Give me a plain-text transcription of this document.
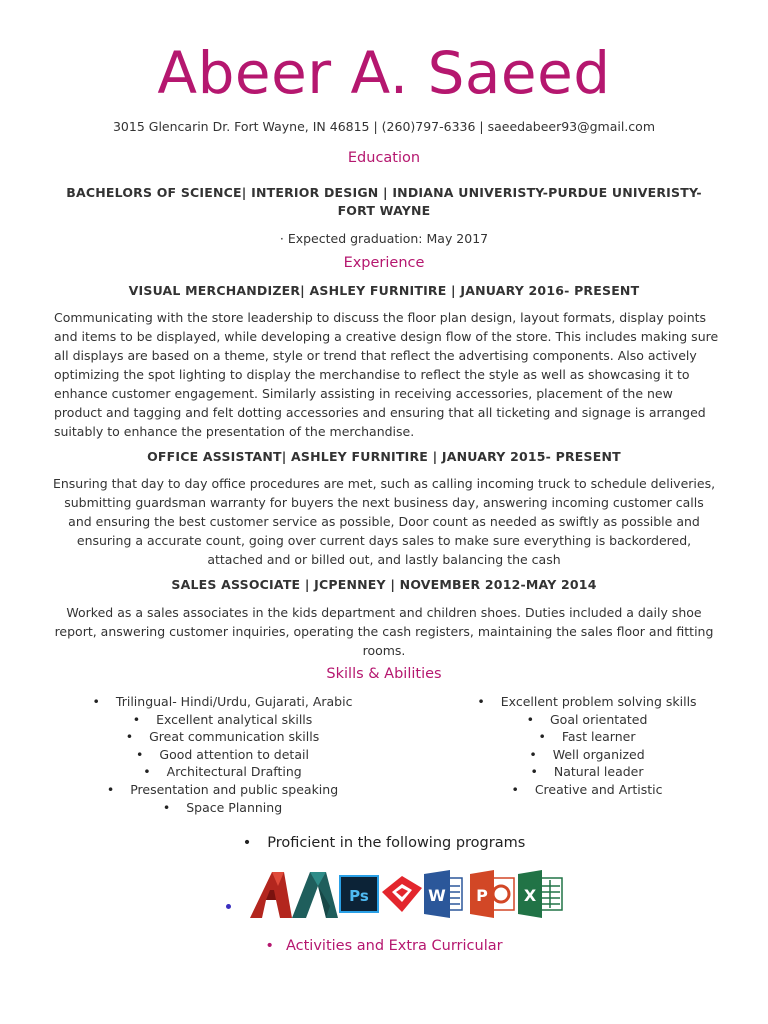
Abeer A. Saeed
3015 Glencarin Dr. Fort Wayne, IN 46815 | (260)797-6336 | saeedabeer93@gmail.com
Education
BACHELORS OF SCIENCE| INTERIOR DESIGN | INDIANA UNIVERISTY-PURDUE UNIVERISTY-
FORT WAYNE
· Expected graduation: May 2017
Experience
VISUAL MERCHANDIZER| ASHLEY FURNITIRE | JANUARY 2016- PRESENT
Communicating with the store leadership to discuss the floor plan design, layout formats, display points and items to be displayed, while developing a creative design flow of the store. This includes making sure all displays are based on a theme, style or trend that reflect the advertising components. Also actively optimizing the spot lighting to display the merchandise to reflect the style as well as showcasing it to enhance customer engagement. Similarly assisting in receiving accessories, placement of the new product and tagging and felt dotting accessories and ensuring that all ticketing and signage is arranged suitably to enhance the presentation of the merchandise.
OFFICE ASSISTANT| ASHLEY FURNITIRE | JANUARY 2015- PRESENT
Ensuring that day to day office procedures are met, such as calling incoming truck to schedule deliveries, submitting guardsman warranty for buyers the next business day, answering incoming customer calls and ensuring the best customer service as possible, Door count as needed as swiftly as possible and ensuring a accurate count, going over current days sales to make sure everything is backordered, attached and or billed out, and lastly balancing the cash
SALES ASSOCIATE | JCPENNEY | NOVEMBER 2012-MAY 2014
Worked as a sales associates in the kids department and children shoes. Duties included a daily shoe report, answering customer inquiries, operating the cash registers, maintaining the sales floor and fitting rooms.
Skills & Abilities
• Trilingual- Hindi/Urdu, Gujarati, Arabic
• Excellent analytical skills
• Great communication skills
• Good attention to detail
• Architectural Drafting
• Presentation and public speaking
• Space Planning
• Excellent problem solving skills
• Goal orientated
• Fast learner
• Well organized
• Natural leader
• Creative and Artistic
• Proficient in the following programs
Ps	W P X
• Activities and Extra Curricular
